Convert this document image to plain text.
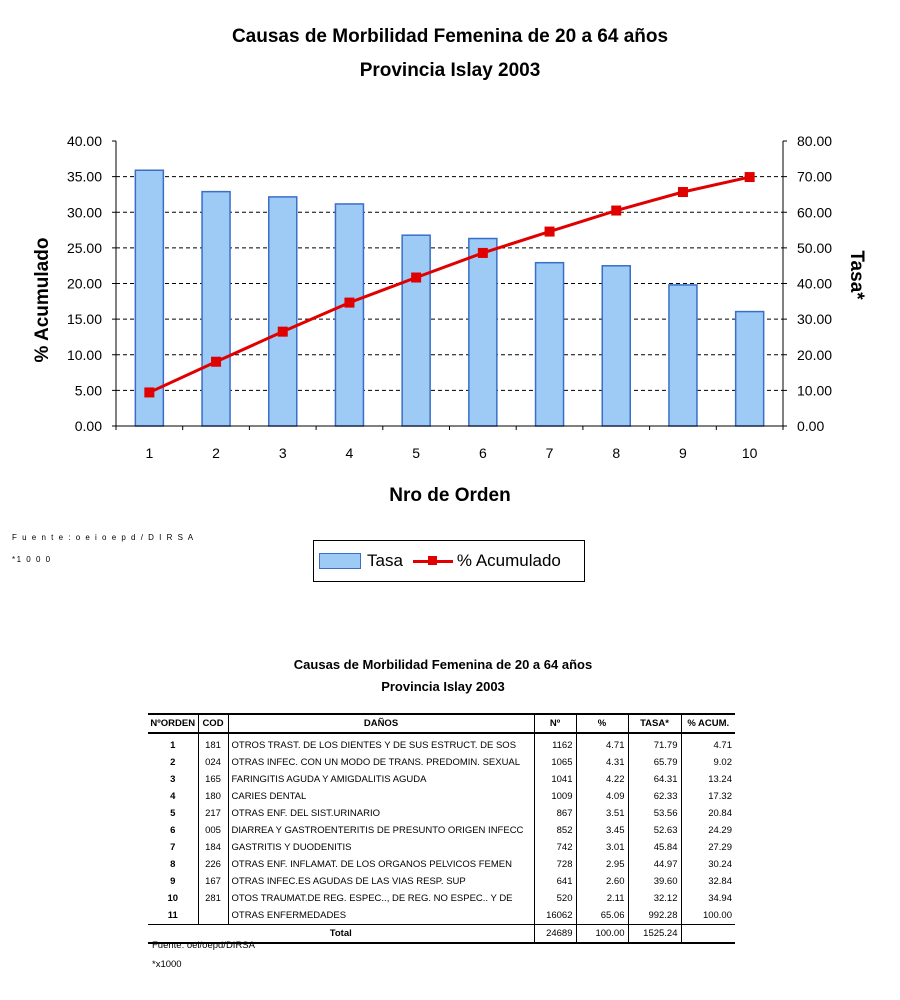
Causas de Morbilidad Femenina de 20 a 64 años
Provincia Islay 2003
0.00	0.00
5.00	10.00
10.00	20.00
15.00	30.00
20.00	40.00
25.00	50.00
30.00	60.00
35.00	70.00
40.00	80.00
1	2	3	4	5	6	7	8	9	10
Nro de Orden
% Acumulado	Tasa*
F u e n t e : o e i o e p d / D I R S A
*1 0 0 0	Tasa	% Acumulado
Causas de Morbilidad Femenina de 20 a 64 años
Provincia Islay 2003
NºORDEN	COD	DAÑOS	Nº	%	TASA*	% ACUM.
1	181	OTROS TRAST. DE LOS DIENTES Y DE SUS ESTRUCT. DE SOS	1162	4.71	71.79	4.71
2	024	OTRAS INFEC. CON UN MODO DE TRANS. PREDOMIN. SEXUAL	1065	4.31	65.79	9.02
3	165	FARINGITIS AGUDA Y AMIGDALITIS AGUDA	1041	4.22	64.31	13.24
4	180	CARIES DENTAL	1009	4.09	62.33	17.32
5	217	OTRAS ENF. DEL SIST.URINARIO	867	3.51	53.56	20.84
6	005	DIARREA Y GASTROENTERITIS DE PRESUNTO ORIGEN INFECC	852	3.45	52.63	24.29
7	184	GASTRITIS Y DUODENITIS	742	3.01	45.84	27.29
8	226	OTRAS ENF. INFLAMAT. DE LOS ORGANOS PELVICOS FEMEN	728	2.95	44.97	30.24
9	167	OTRAS INFEC.ES AGUDAS DE LAS VIAS RESP. SUP	641	2.60	39.60	32.84
10	281	OTOS TRAUMAT.DE REG. ESPEC.., DE REG. NO ESPEC.. Y DE	520	2.11	32.12	34.94
11		OTRAS ENFERMEDADES	16062	65.06	992.28	100.00
Total			24689	100.00	1525.24	
Fuente: oei/oepd/DIRSA
*x1000
